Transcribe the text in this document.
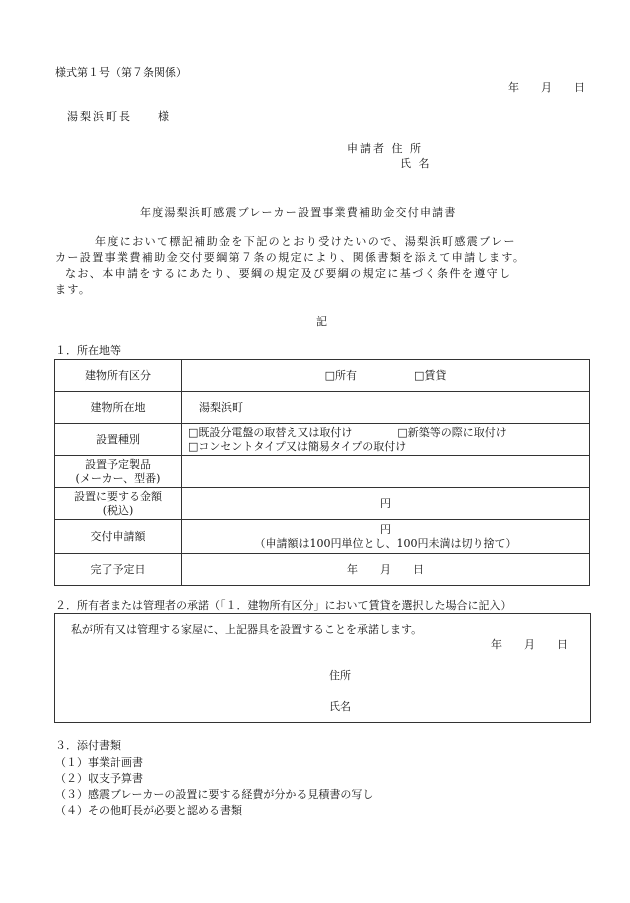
様式第１号（第７条関係）
年　　月　　日
湯梨浜町長　　様
申請者 住 所
氏 名
年度湯梨浜町感震ブレーカー設置事業費補助金交付申請書
年度において標記補助金を下記のとおり受けたいので、湯梨浜町感震ブレー
カー設置事業費補助金交付要綱第７条の規定により、関係書類を添えて申請します。
なお、本申請をするにあたり、要綱の規定及び要綱の規定に基づく条件を遵守し
ます。
記
１．所在地等
建物所有区分	□所有 □賃貸
建物所在地	湯梨浜町
設置種別	□既設分電盤の取替え又は取付け □新築等の際に取付け
□コンセントタイプ又は簡易タイプの取付け

設置予定製品
(メーカー、型番)	

設置に要する金額
(税込)	円
交付申請額	円
（申請額は100円単位とし、100円未満は切り捨て）

完了予定日	年　　月　　日
２．所有者または管理者の承諾（「１．建物所有区分」において賃貸を選択した場合に記入）
私が所有又は管理する家屋に、上記器具を設置することを承諾します。
年　　月　　日
住所
氏名
３．添付書類
（１）事業計画書
（２）収支予算書
（３）感震ブレーカーの設置に要する経費が分かる見積書の写し
（４）その他町長が必要と認める書類
